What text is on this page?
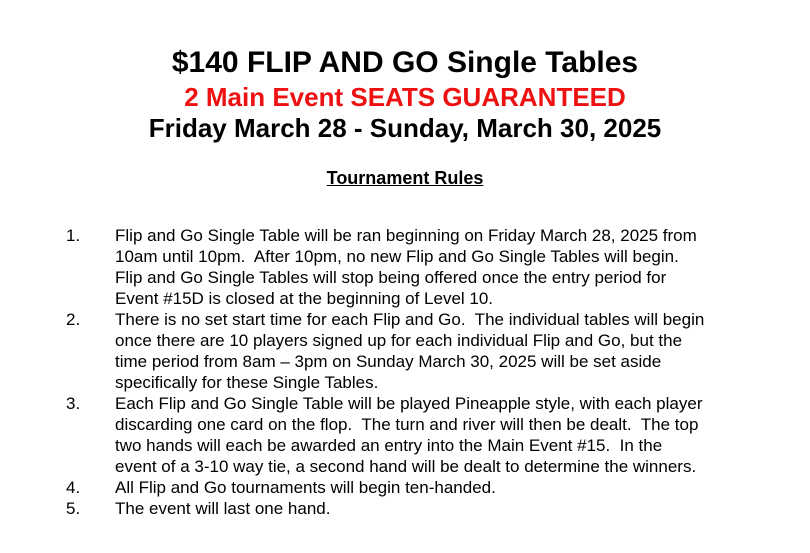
$140 FLIP AND GO Single Tables
2 Main Event SEATS GUARANTEED
Friday March 28 - Sunday, March 30, 2025
Tournament Rules
1. Flip and Go Single Table will be ran beginning on Friday March 28, 2025 from
10am until 10pm.  After 10pm, no new Flip and Go Single Tables will begin.
Flip and Go Single Tables will stop being offered once the entry period for
Event #15D is closed at the beginning of Level 10.
2. There is no set start time for each Flip and Go.  The individual tables will begin
once there are 10 players signed up for each individual Flip and Go, but the
time period from 8am – 3pm on Sunday March 30, 2025 will be set aside
specifically for these Single Tables.
3. Each Flip and Go Single Table will be played Pineapple style, with each player
discarding one card on the flop.  The turn and river will then be dealt.  The top
two hands will each be awarded an entry into the Main Event #15.  In the
event of a 3-10 way tie, a second hand will be dealt to determine the winners.
4. All Flip and Go tournaments will begin ten-handed.
5. The event will last one hand.
